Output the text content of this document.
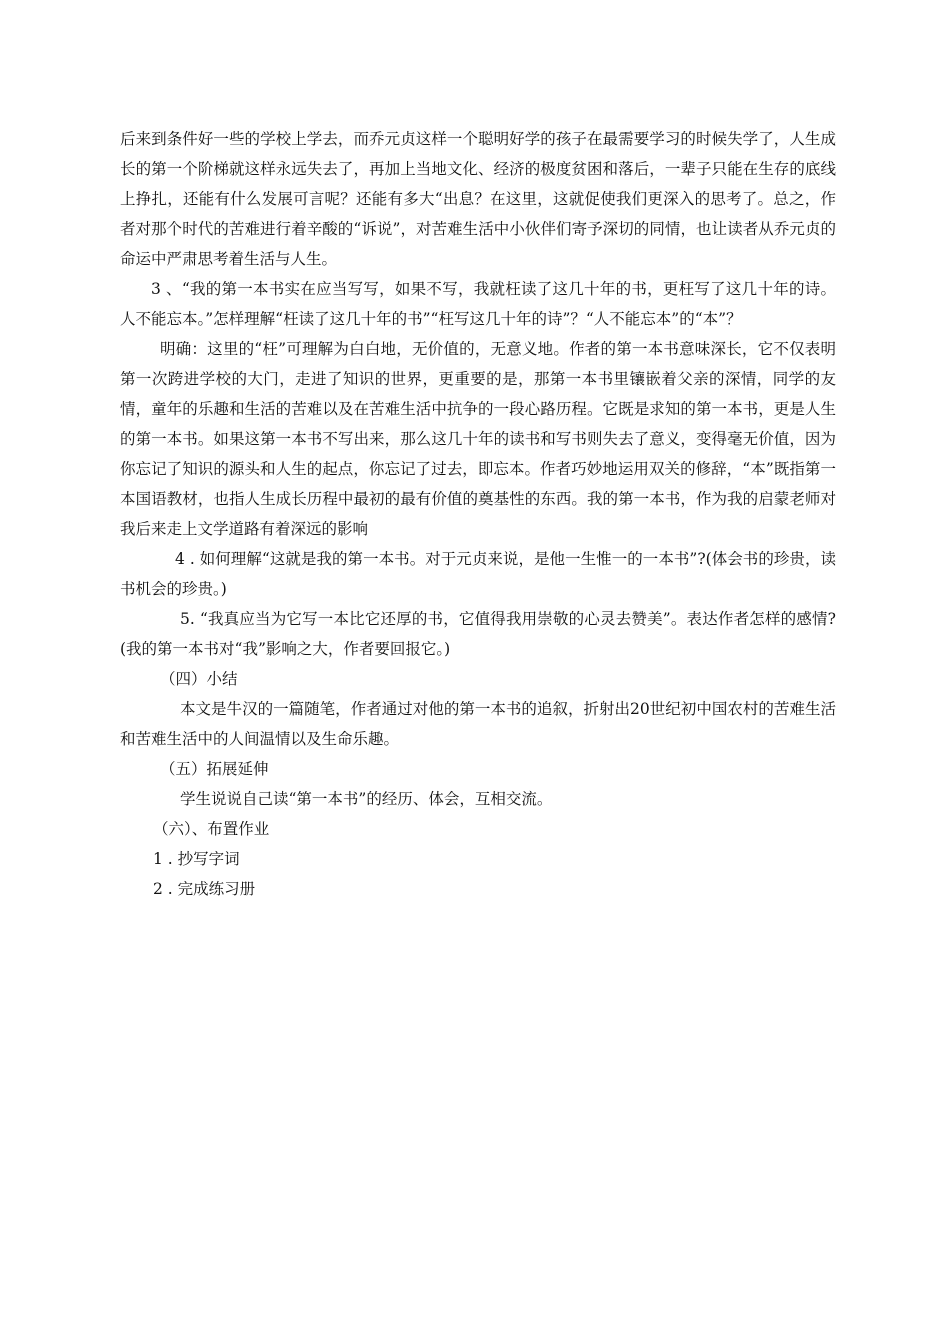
后来到条件好一些的学校上学去，而乔元贞这样一个聪明好学的孩子在最需要学习的时候失学了，人生成长的第一个阶梯就这样永远失去了，再加上当地文化、经济的极度贫困和落后，一辈子只能在生存的底线上挣扎，还能有什么发展可言呢？还能有多大“出息？在这里，这就促使我们更深入的思考了。总之，作者对那个时代的苦难进行着辛酸的“诉说”，对苦难生活中小伙伴们寄予深切的同情，也让读者从乔元贞的命运中严肃思考着生活与人生。

3 、“我的第一本书实在应当写写，如果不写，我就枉读了这几十年的书，更枉写了这几十年的诗。人不能忘本。”怎样理解“枉读了这几十年的书”“枉写这几十年的诗”？“人不能忘本”的“本”？

明确：这里的“枉”可理解为白白地，无价值的，无意义地。作者的第一本书意味深长，它不仅表明第一次跨进学校的大门，走进了知识的世界，更重要的是，那第一本书里镶嵌着父亲的深情，同学的友情，童年的乐趣和生活的苦难以及在苦难生活中抗争的一段心路历程。它既是求知的第一本书，更是人生的第一本书。如果这第一本书不写出来，那么这几十年的读书和写书则失去了意义，变得毫无价值，因为你忘记了知识的源头和人生的起点，你忘记了过去，即忘本。作者巧妙地运用双关的修辞，“本”既指第一本国语教材，也指人生成长历程中最初的最有价值的奠基性的东西。我的第一本书，作为我的启蒙老师对我后来走上文学道路有着深远的影响

4 . 如何理解“这就是我的第一本书。对于元贞来说，是他一生惟一的一本书”?(体会书的珍贵，读书机会的珍贵。)

5. “我真应当为它写一本比它还厚的书，它值得我用崇敬的心灵去赞美”。表达作者怎样的感情?(我的第一本书对“我”影响之大，作者要回报它。)

（四）小结

本文是牛汉的一篇随笔，作者通过对他的第一本书的追叙，折射出20世纪初中国农村的苦难生活和苦难生活中的人间温情以及生命乐趣。

（五）拓展延伸

学生说说自己读“第一本书”的经历、体会，互相交流。

（六）、布置作业

1 . 抄写字词

2 . 完成练习册
